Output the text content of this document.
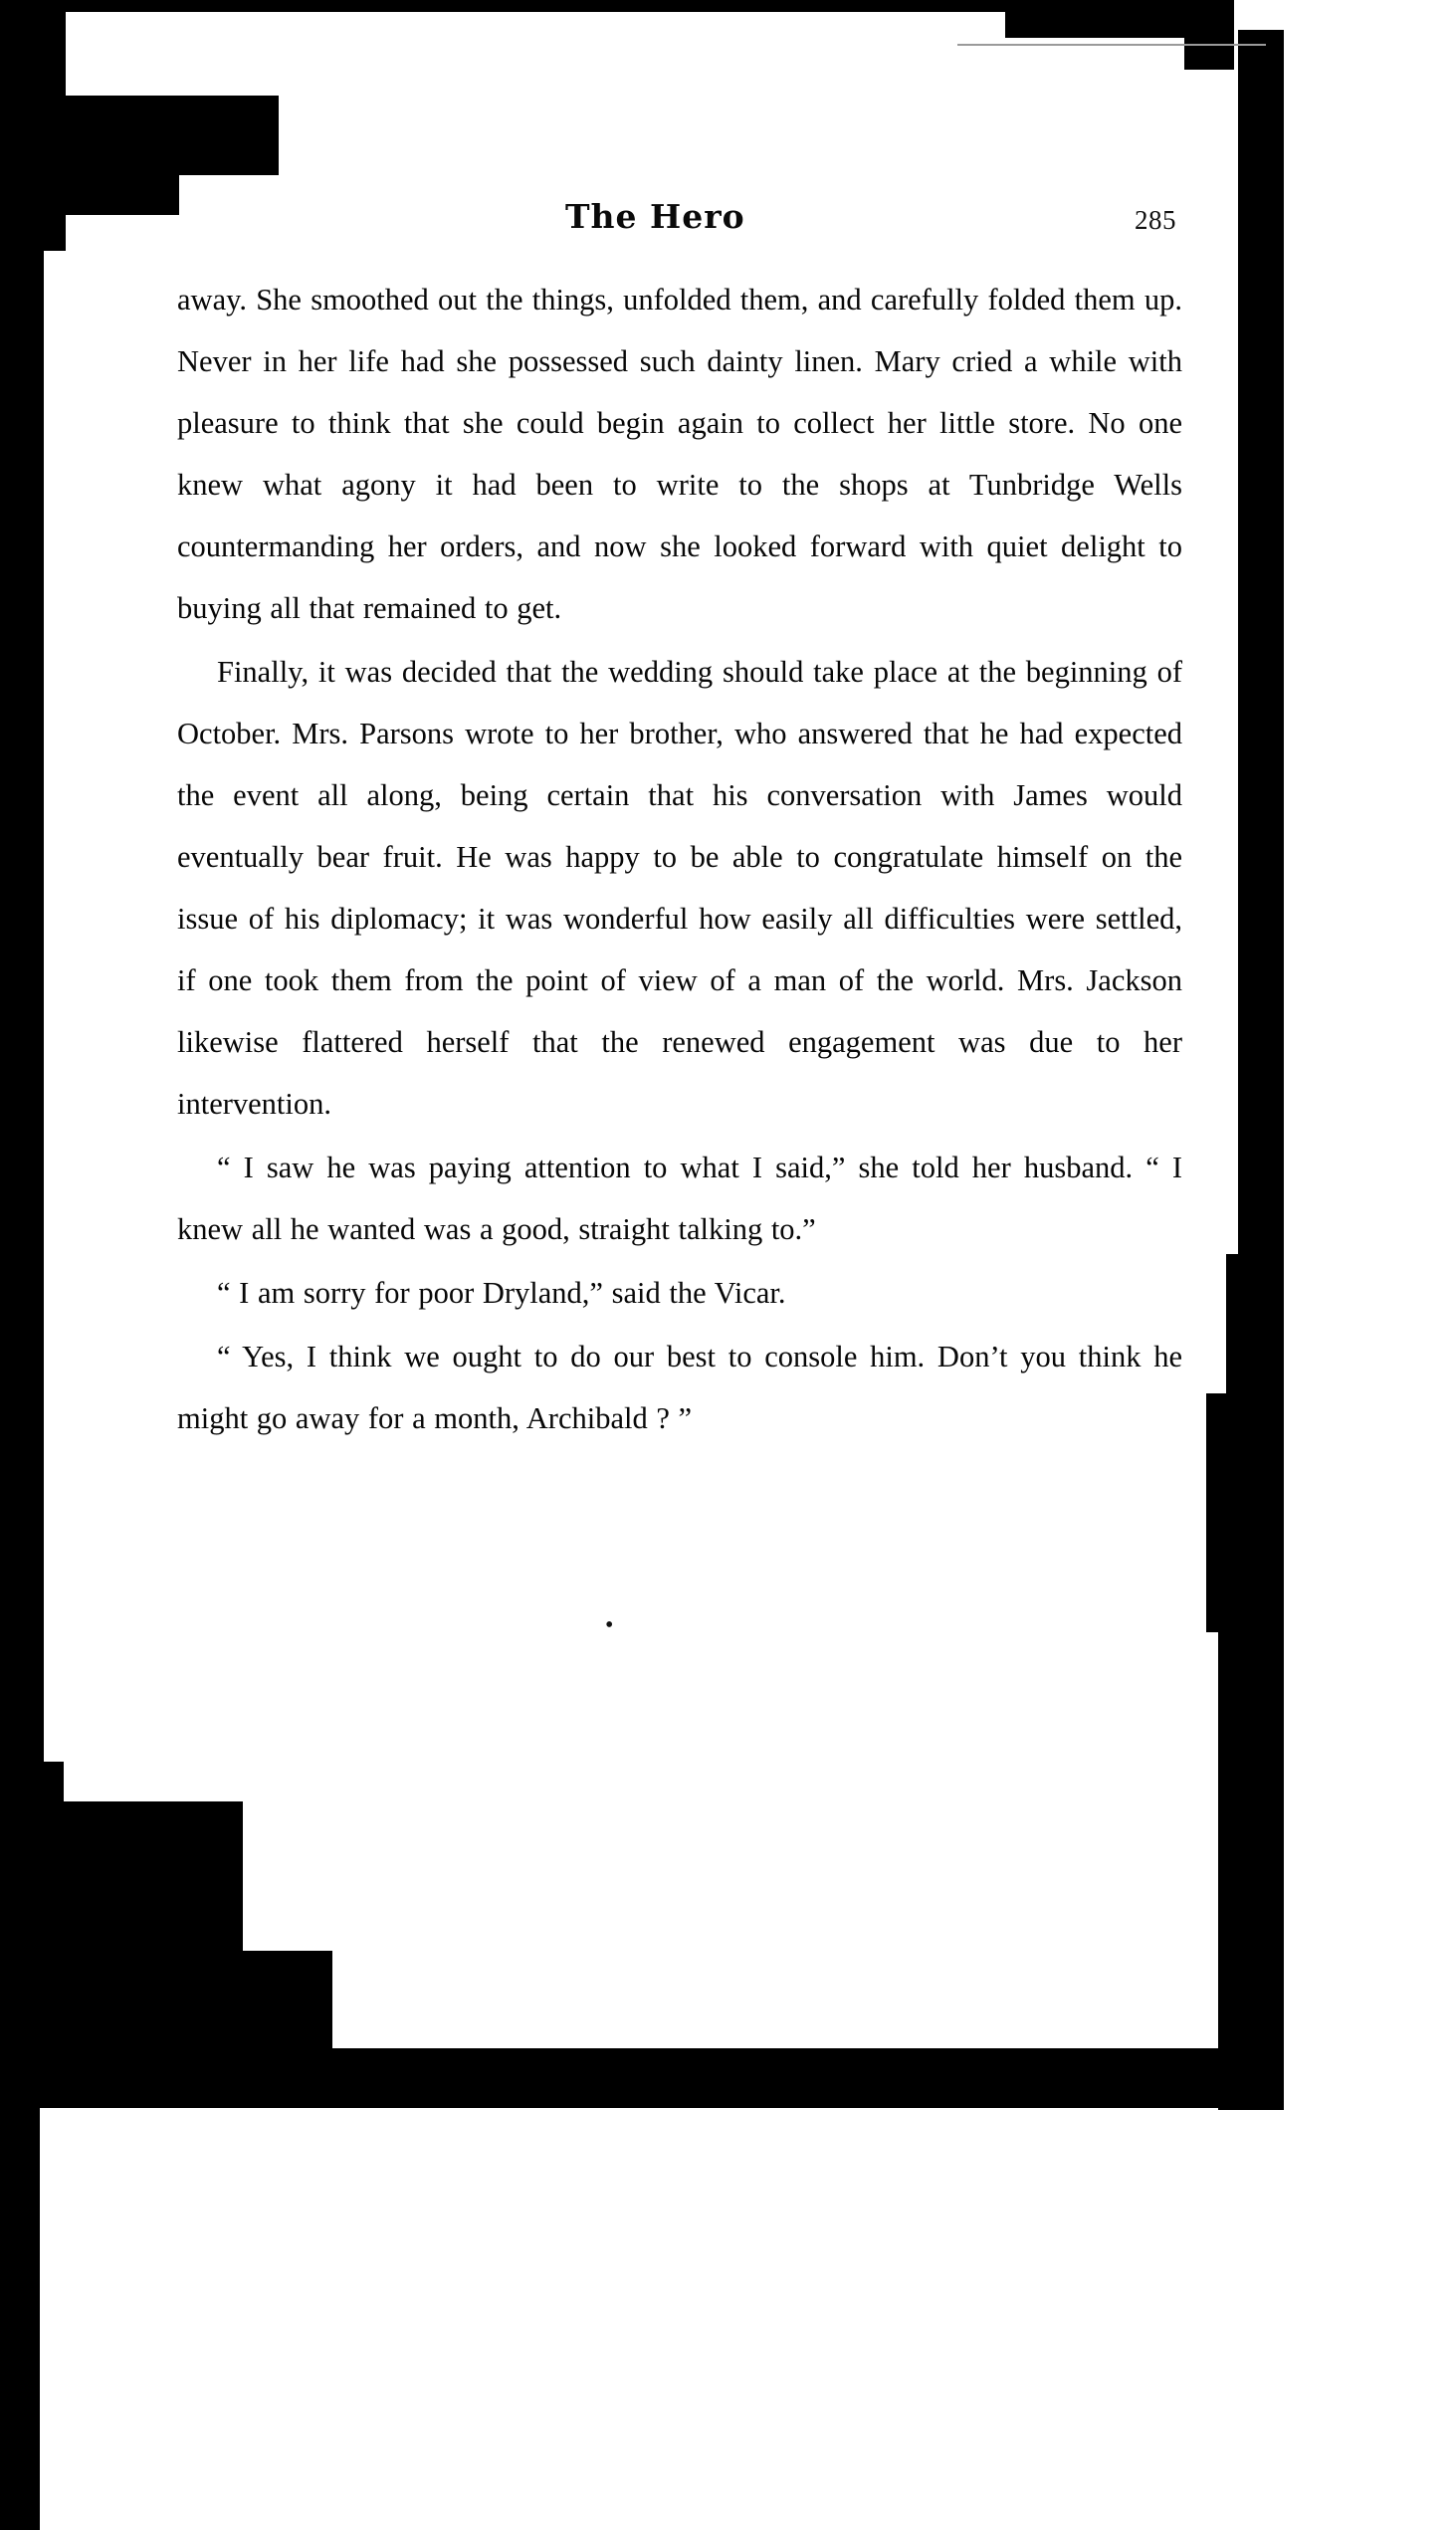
The Hero	285

away. She smoothed out the things, unfolded them, and carefully folded them up. Never in her life had she possessed such dainty linen. Mary cried a while with pleasure to think that she could begin again to collect her little store. No one knew what agony it had been to write to the shops at Tunbridge Wells countermanding her orders, and now she looked forward with quiet delight to buying all that remained to get.

Finally, it was decided that the wedding should take place at the beginning of October. Mrs. Parsons wrote to her brother, who answered that he had expected the event all along, being certain that his conversation with James would eventually bear fruit. He was happy to be able to congratulate himself on the issue of his diplomacy; it was wonderful how easily all difficulties were settled, if one took them from the point of view of a man of the world. Mrs. Jackson likewise flattered herself that the renewed engagement was due to her intervention.

“ I saw he was paying attention to what I said,” she told her husband. “ I knew all he wanted was a good, straight talking to.”

“ I am sorry for poor Dryland,” said the Vicar.

“ Yes, I think we ought to do our best to console him. Don’t you think he might go away for a month, Archibald ? ”

•
